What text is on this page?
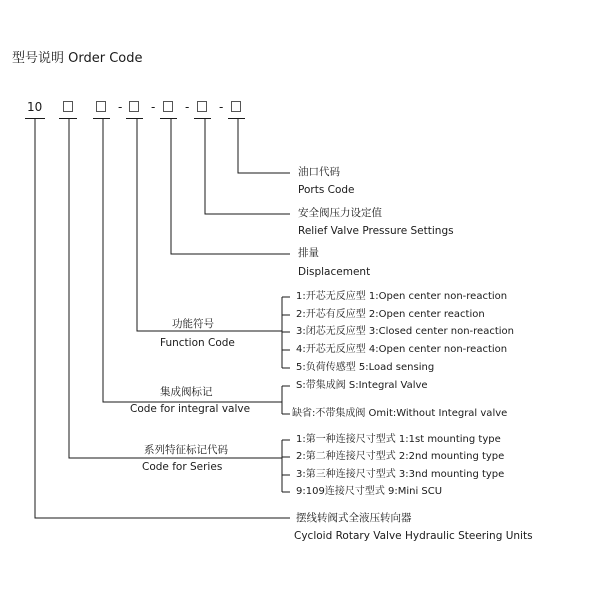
型号说明 Order Code
10	- - - -
油口代码
Ports Code
安全阀压力设定值
Relief Valve Pressure Settings
排量
Displacement
功能符号
Function Code
1:开芯无反应型 1:Open center non-reaction
2:开芯有反应型 2:Open center reaction
3:闭芯无反应型 3:Closed center non-reaction
4:开芯无反应型 4:Open center non-reaction
5:负荷传感型 5:Load sensing
集成阀标记
Code for integral valve
S:带集成阀 S:Integral Valve
缺省:不带集成阀 Omit:Without Integral valve
系列特征标记代码
Code for Series
1:第一种连接尺寸型式 1:1st mounting type
2:第二种连接尺寸型式 2:2nd mounting type
3:第三种连接尺寸型式 3:3nd mounting type
9:109连接尺寸型式 9:Mini SCU
摆线转阀式全液压转向器
Cycloid Rotary Valve Hydraulic Steering Units
